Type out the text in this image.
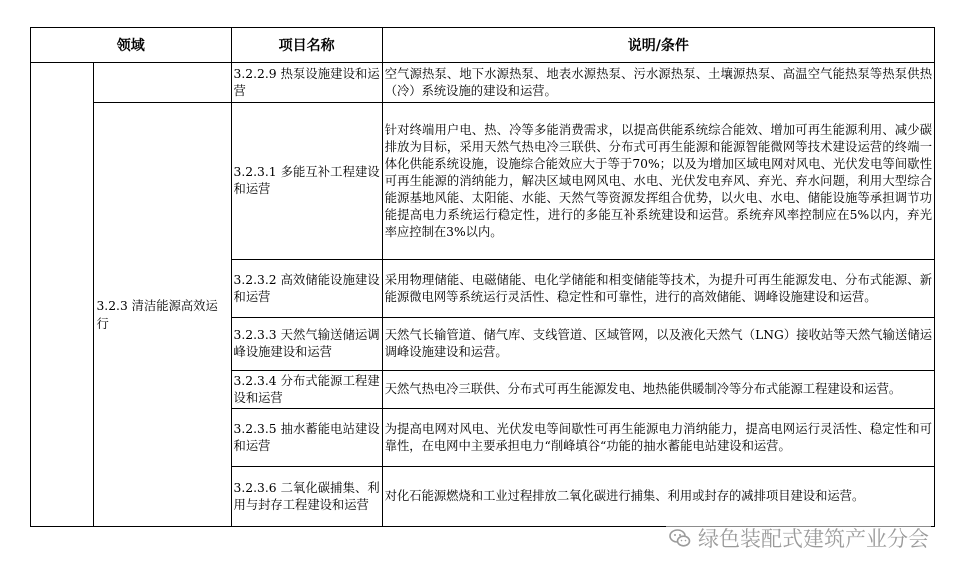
领域		项目名称	说明/条件
		3.2.2.9 热泵设施建设和运营	空气源热泵、地下水源热泵、地表水源热泵、污水源热泵、土壤源热泵、高温空气能热泵等热泵供热（冷）系统设施的建设和运营。
	3.2.3 清洁能源高效运行	3.2.3.1 多能互补工程建设和运营	针对终端用户电、热、冷等多能消费需求，以提高供能系统综合能效、增加可再生能源利用、减少碳排放为目标，采用天然气热电冷三联供、分布式可再生能源和能源智能微网等技术建设运营的终端一体化供能系统设施，设施综合能效应大于等于70%；以及为增加区域电网对风电、光伏发电等间歇性可再生能源的消纳能力，解决区域电网风电、水电、光伏发电弃风、弃光、弃水问题，利用大型综合能源基地风能、太阳能、水能、天然气等资源发挥组合优势，以火电、水电、储能设施等承担调节功能提高电力系统运行稳定性，进行的多能互补系统建设和运营。系统弃风率控制应在5%以内，弃光率应控制在3%以内。
		3.2.3.2 高效储能设施建设和运营	采用物理储能、电磁储能、电化学储能和相变储能等技术，为提升可再生能源发电、分布式能源、新能源微电网等系统运行灵活性、稳定性和可靠性，进行的高效储能、调峰设施建设和运营。
		3.2.3.3 天然气输送储运调峰设施建设和运营	天然气长输管道、储气库、支线管道、区域管网，以及液化天然气（LNG）接收站等天然气输送储运调峰设施建设和运营。
		3.2.3.4 分布式能源工程建设和运营	天然气热电冷三联供、分布式可再生能源发电、地热能供暖制冷等分布式能源工程建设和运营。
		3.2.3.5 抽水蓄能电站建设和运营	为提高电网对风电、光伏发电等间歇性可再生能源电力消纳能力，提高电网运行灵活性、稳定性和可靠性，在电网中主要承担电力“削峰填谷“功能的抽水蓄能电站建设和运营。
		3.2.3.6 二氧化碳捕集、利用与封存工程建设和运营	对化石能源燃烧和工业过程排放二氧化碳进行捕集、利用或封存的减排项目建设和运营。
绿色装配式建筑产业分会
